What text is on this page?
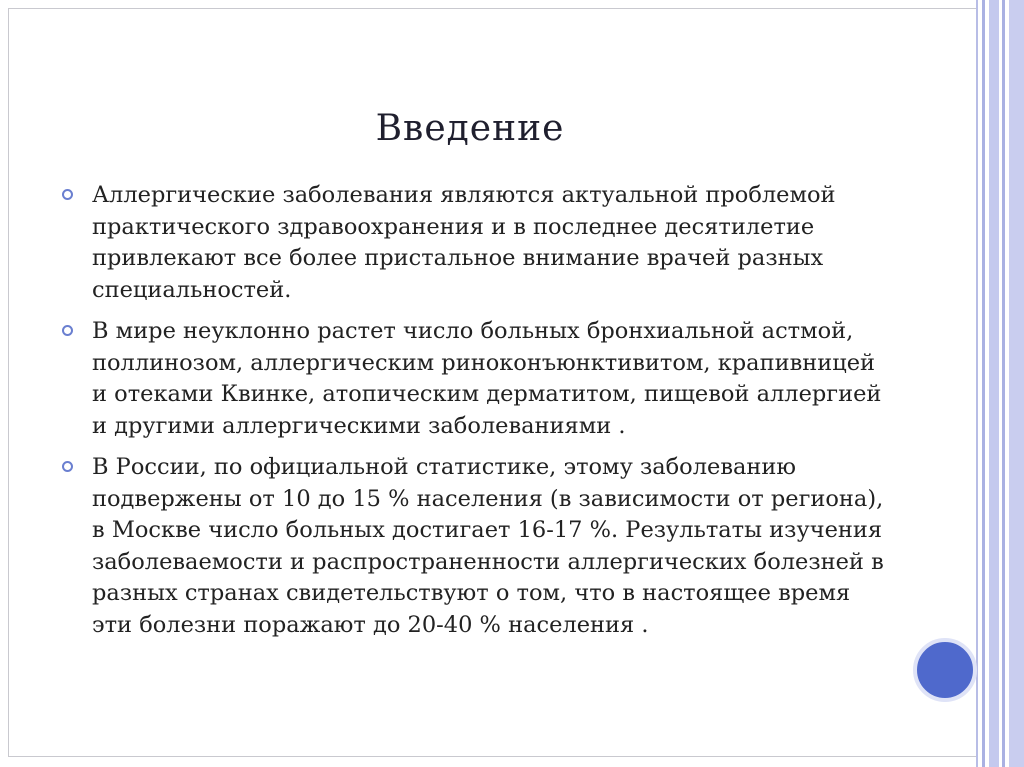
Введение
Аллергические заболевания являются актуальной проблемой практического здравоохранения и в последнее десятилетие привлекают все более пристальное внимание врачей разных специальностей.
В мире неуклонно растет число больных бронхиальной астмой, поллинозом, аллергическим риноконъюнктивитом, крапивницей и отеками Квинке, атопическим дерматитом, пищевой аллергией и другими аллергическими заболеваниями .
В России, по официальной статистике, этому заболеванию подвержены от 10 до 15 % населения (в зависимости от региона), в Москве число больных достигает 16-17 %. Результаты изучения заболеваемости и распространенности аллергических болезней в разных странах свидетельствуют о том, что в настоящее время эти болезни поражают до 20-40 % населения .
